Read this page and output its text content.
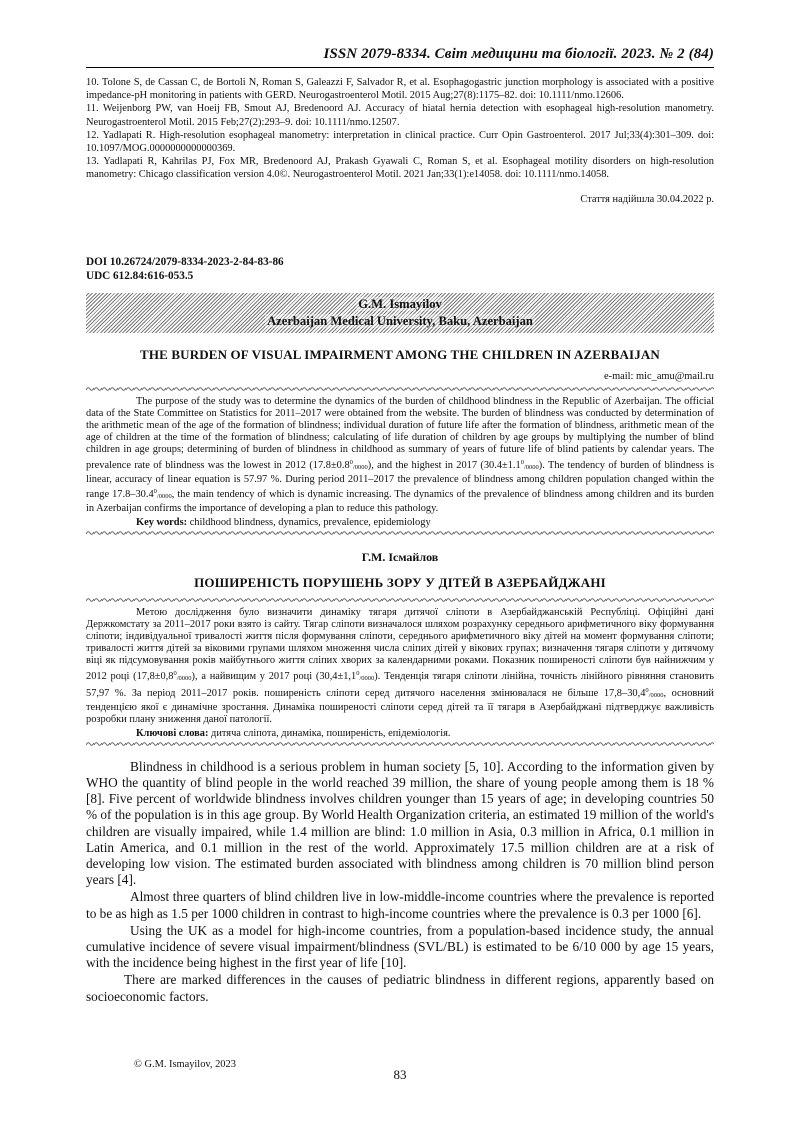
ISSN 2079-8334. Світ медицини та біології. 2023. № 2 (84)

10. Tolone S, de Cassan C, de Bortoli N, Roman S, Galeazzi F, Salvador R, et al. Esophagogastric junction morphology is associated with a positive impedance-pH monitoring in patients with GERD. Neurogastroenterol Motil. 2015 Aug;27(8):1175–82. doi: 10.1111/nmo.12606.

11. Weijenborg PW, van Hoeij FB, Smout AJ, Bredenoord AJ. Accuracy of hiatal hernia detection with esophageal high-resolution manometry. Neurogastroenterol Motil. 2015 Feb;27(2):293–9. doi: 10.1111/nmo.12507.

12. Yadlapati R. High-resolution esophageal manometry: interpretation in clinical practice. Curr Opin Gastroenterol. 2017 Jul;33(4):301–309. doi: 10.1097/MOG.0000000000000369.

13. Yadlapati R, Kahrilas PJ, Fox MR, Bredenoord AJ, Prakash Gyawali C, Roman S, et al. Esophageal motility disorders on high-resolution manometry: Chicago classification version 4.0©. Neurogastroenterol Motil. 2021 Jan;33(1):e14058. doi: 10.1111/nmo.14058.

Стаття надійшла 30.04.2022 р.
DOI 10.26724/2079-8334-2023-2-84-83-86
UDC 612.84:616-053.5
G.M. Ismayilov
Azerbaijan Medical University, Baku, Azerbaijan
THE BURDEN OF VISUAL IMPAIRMENT AMONG THE CHILDREN IN AZERBAIJAN
e-mail: mic_amu@mail.ru

The purpose of the study was to determine the dynamics of the burden of childhood blindness in the Republic of Azerbaijan. The official data of the State Committee on Statistics for 2011–2017 were obtained from the website. The burden of blindness was conducted by determination of the arithmetic mean of the age of the formation of blindness; individual duration of future life after the formation of blindness, arithmetic mean of the age of children at the time of the formation of blindness; calculating of life duration of children by age groups by multiplying the number of blind children in age groups; determining of burden of blindness in childhood as summary of years of future life of blind patients by calendar years. The prevalence rate of blindness was the lowest in 2012 $(17.8\pm 0.8^0_{/0000})$, and the highest in 2017 $(30.4\pm 1.1^0_{/0000})$. The tendency of burden of blindness is linear, accuracy of linear equation is 57.97 %. During period 2011–2017 the prevalence of blindness among children population changed within the range $17.8-30.4^0_{/0000}$, the main tendency of which is dynamic increasing. The dynamics of the prevalence of blindness among children and its burden in Azerbaijan confirms the importance of developing a plan to reduce this pathology.

Key words: childhood blindness, dynamics, prevalence, epidemiology
Г.М. Ісмайлов
ПОШИРЕНІСТЬ ПОРУШЕНЬ ЗОРУ У ДІТЕЙ В АЗЕРБАЙДЖАНІ

Метою дослідження було визначити динаміку тягаря дитячої сліпоти в Азербайджанській Республіці. Офіційні дані Держкомстату за 2011–2017 роки взято із сайту. Тягар сліпоти визначалося шляхом розрахунку середнього арифметичного віку формування сліпоти; індивідуальної тривалості життя після формування сліпоти, середнього арифметичного віку дітей на момент формування сліпоти; тривалості життя дітей за віковими групами шляхом множення числа сліпих дітей у вікових групах; визначення тягаря сліпоти у дитячому віці як підсумовування років майбутнього життя сліпих хворих за календарними роками. Показник поширеності сліпоти був найнижчим у 2012 році $(17,8\pm 0,8^0_{/0000})$, а найвищим у 2017 році $(30,4\pm 1,1^0_{/0000})$. Тенденція тягаря сліпоти лінійна, точність лінійного рівняння становить 57,97 %. За період 2011–2017 років. поширеність сліпоти серед дитячого населення змінювалася не більше $17,8-30,4^0_{/0000}$, основний тенденцією якої є динамічне зростання. Динаміка поширеності сліпоти серед дітей та її тягаря в Азербайджані підтверджує важливість розробки плану зниження даної патології.

Ключові слова: дитяча сліпота, динаміка, поширеність, епідеміологія.

Blindness in childhood is a serious problem in human society [5, 10]. According to the information given by WHO the quantity of blind people in the world reached 39 million, the share of young people among them is 18 % [8]. Five percent of worldwide blindness involves children younger than 15 years of age; in developing countries 50 % of the population is in this age group. By World Health Organization criteria, an estimated 19 million of the world's children are visually impaired, while 1.4 million are blind: 1.0 million in Asia, 0.3 million in Africa, 0.1 million in Latin America, and 0.1 million in the rest of the world. Approximately 17.5 million children are at a risk of developing low vision. The estimated burden associated with blindness among children is 70 million blind person years [4].

Almost three quarters of blind children live in low-middle-income countries where the prevalence is reported to be as high as 1.5 per 1000 children in contrast to high-income countries where the prevalence is 0.3 per 1000 [6].

Using the UK as a model for high-income countries, from a population-based incidence study, the annual cumulative incidence of severe visual impairment/blindness (SVL/BL) is estimated to be 6/10 000 by age 15 years, with the incidence being highest in the first year of life [10].

There are marked differences in the causes of pediatric blindness in different regions, apparently based on socioeconomic factors.

© G.M. Ismayilov, 2023
83
